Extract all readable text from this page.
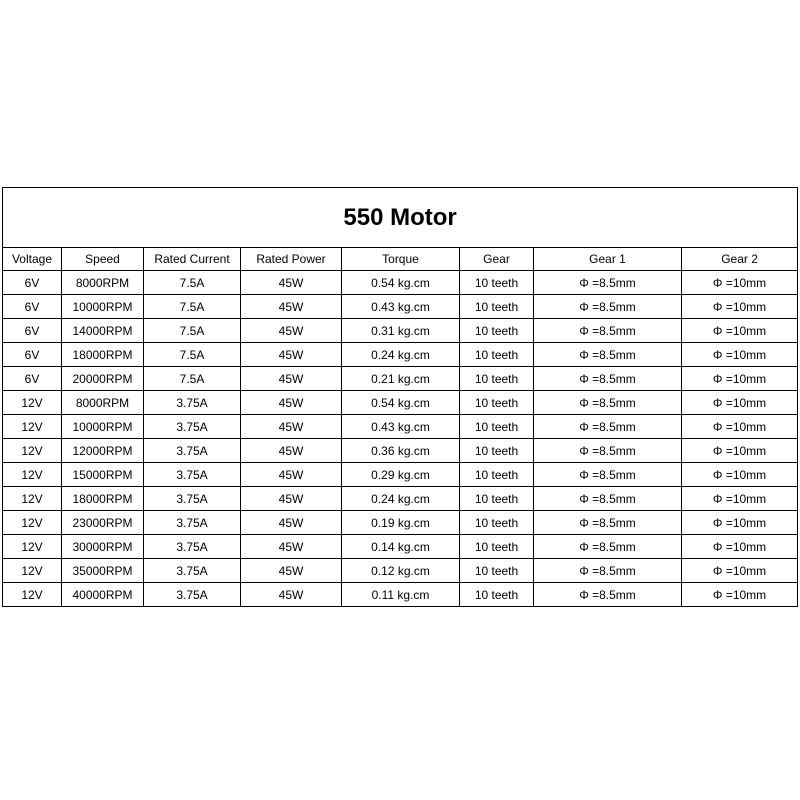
550 Motor							
Voltage	Speed	Rated Current	Rated Power	Torque	Gear	Gear 1	Gear 2
6V	8000RPM	7.5A	45W	0.54 kg.cm	10 teeth	Φ =8.5mm	Φ =10mm
6V	10000RPM	7.5A	45W	0.43 kg.cm	10 teeth	Φ =8.5mm	Φ =10mm
6V	14000RPM	7.5A	45W	0.31 kg.cm	10 teeth	Φ =8.5mm	Φ =10mm
6V	18000RPM	7.5A	45W	0.24 kg.cm	10 teeth	Φ =8.5mm	Φ =10mm
6V	20000RPM	7.5A	45W	0.21 kg.cm	10 teeth	Φ =8.5mm	Φ =10mm
12V	8000RPM	3.75A	45W	0.54 kg.cm	10 teeth	Φ =8.5mm	Φ =10mm
12V	10000RPM	3.75A	45W	0.43 kg.cm	10 teeth	Φ =8.5mm	Φ =10mm
12V	12000RPM	3.75A	45W	0.36 kg.cm	10 teeth	Φ =8.5mm	Φ =10mm
12V	15000RPM	3.75A	45W	0.29 kg.cm	10 teeth	Φ =8.5mm	Φ =10mm
12V	18000RPM	3.75A	45W	0.24 kg.cm	10 teeth	Φ =8.5mm	Φ =10mm
12V	23000RPM	3.75A	45W	0.19 kg.cm	10 teeth	Φ =8.5mm	Φ =10mm
12V	30000RPM	3.75A	45W	0.14 kg.cm	10 teeth	Φ =8.5mm	Φ =10mm
12V	35000RPM	3.75A	45W	0.12 kg.cm	10 teeth	Φ =8.5mm	Φ =10mm
12V	40000RPM	3.75A	45W	0.11 kg.cm	10 teeth	Φ =8.5mm	Φ =10mm
